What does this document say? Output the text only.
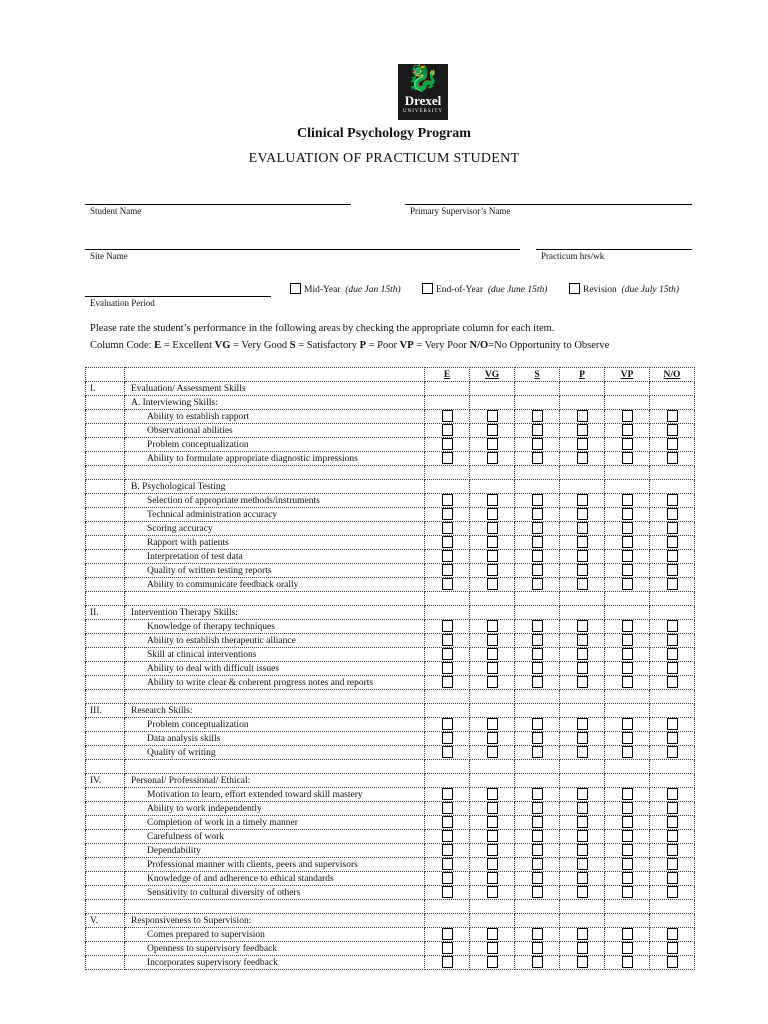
🐉
Drexel
UNIVERSITY
Clinical Psychology Program
EVALUATION OF PRACTICUM STUDENT
Student Name	Primary Supervisor’s Name
Site Name	Practicum hrs/wk
Evaluation Period
Mid-Year (due Jan 15th)	End-of-Year (due June 15th)	Revision (due July 15th)
Please rate the student’s performance in the following areas by checking the appropriate column for each item.
Column Code: E = Excellent VG = Very Good S = Satisfactory P = Poor VP = Very Poor N/O=No Opportunity to Observe
		E	VG	S	P	VP	N/O
I.	Evaluation/ Assessment Skills						
	A. Interviewing Skills:						
	Ability to establish rapport						
	Observational abilities						
	Problem conceptualization						
	Ability to formulate appropriate diagnostic impressions						

	B. Psychological Testing						
	Selection of appropriate methods/instruments						
	Technical administration accuracy						
	Scoring accuracy						
	Rapport with patients						
	Interpretation of test data						
	Quality of written testing reports						
	Ability to communicate feedback orally						

II.	Intervention Therapy Skills:						
	Knowledge of therapy techniques						
	Ability to establish therapeutic alliance						
	Skill at clinical interventions						
	Ability to deal with difficult issues						
	Ability to write clear & coherent progress notes and reports						

III.	Research Skills:						
	Problem conceptualization						
	Data analysis skills						
	Quality of writing						

IV.	Personal/ Professional/ Ethical:						
	Motivation to learn, effort extended toward skill mastery						
	Ability to work independently						
	Completion of work in a timely manner						
	Carefulness of work						
	Dependability						
	Professional manner with clients, peers and supervisors						
	Knowledge of and adherence to ethical standards						
	Sensitivity to cultural diversity of others						

V.	Responsiveness to Supervision:						
	Comes prepared to supervision						
	Openness to supervisory feedback						
	Incorporates supervisory feedback						
